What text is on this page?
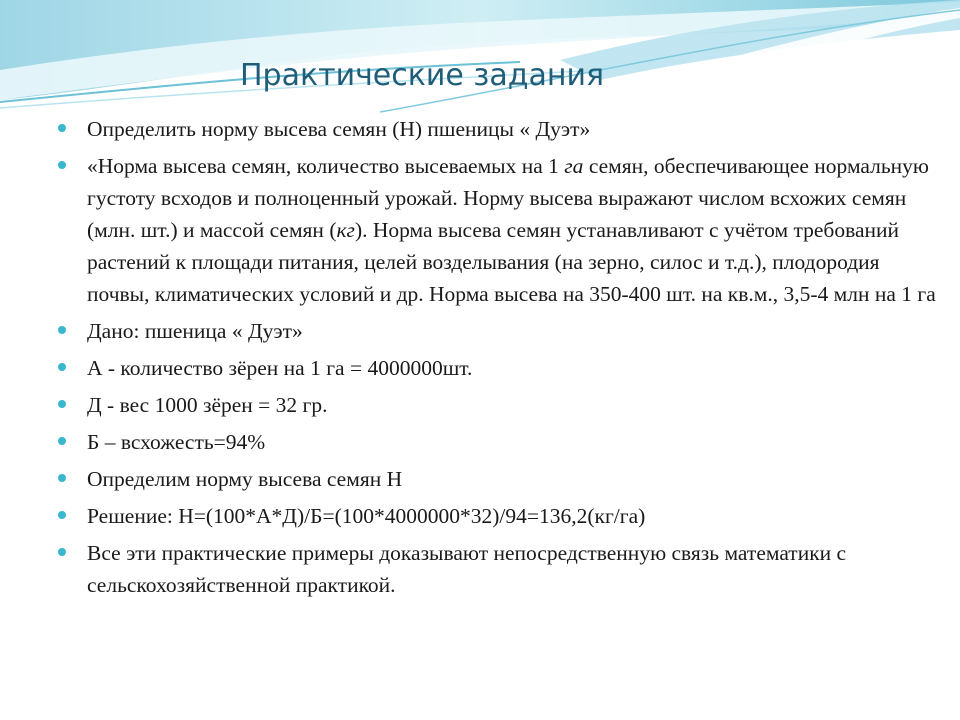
Практические задания
Определить норму высева семян (Н) пшеницы « Дуэт»
«Норма высева семян, количество высеваемых на 1 га семян, обеспечивающее нормальную густоту всходов и полноценный урожай. Норму высева выражают числом всхожих семян (млн. шт.) и массой семян (кг). Норма высева семян устанавливают с учётом требований растений к площади питания, целей возделывания (на зерно, силос и т.д.), плодородия почвы, климатических условий и др. Норма высева на 350-400 шт. на кв.м., 3,5-4 млн на 1 га
Дано: пшеница « Дуэт»
А - количество зёрен на 1 га = 4000000шт.
Д - вес 1000 зёрен = 32 гр.
Б – всхожесть=94%
Определим норму высева семян Н
Решение: Н=(100*А*Д)/Б=(100*4000000*32)/94=136,2(кг/га)
Все эти практические примеры доказывают непосредственную связь математики с сельскохозяйственной практикой.
